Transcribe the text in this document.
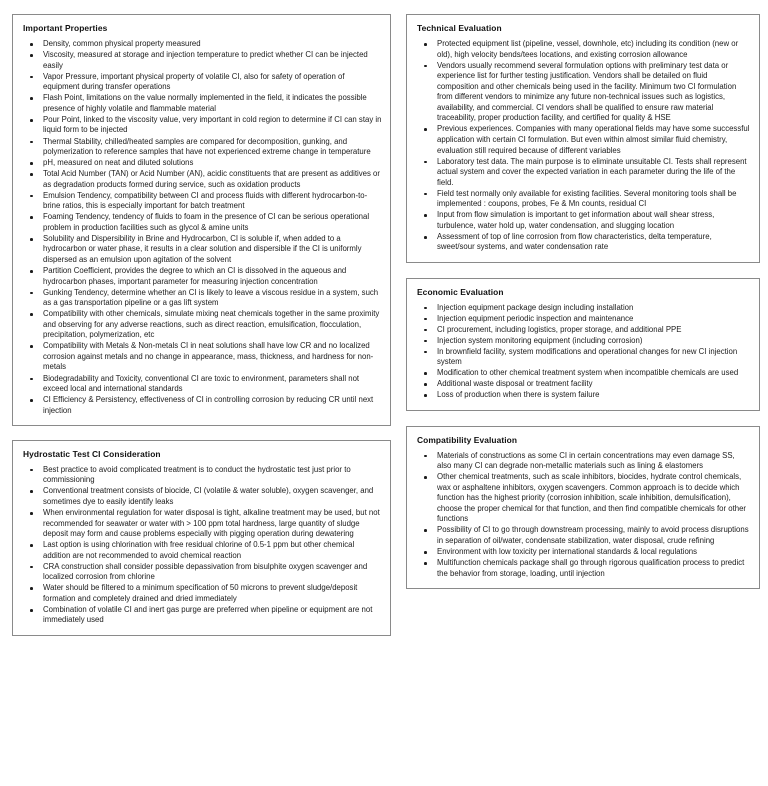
Important Properties
Density, common physical property measured
Viscosity, measured at storage and injection temperature to predict whether CI can be injected easily
Vapor Pressure, important physical property of volatile CI, also for safety of operation of equipment during transfer operations
Flash Point, limitations on the value normally implemented in the field, it indicates the possible presence of highly volatile and flammable material
Pour Point, linked to the viscosity value, very important in cold region to determine if CI can stay in liquid form to be injected
Thermal Stability, chilled/heated samples are compared for decomposition, gunking, and polymerization to reference samples that have not experienced extreme change in temperature
pH, measured on neat and diluted solutions
Total Acid Number (TAN) or Acid Number (AN), acidic constituents that are present as additives or as degradation products formed during service, such as oxidation products
Emulsion Tendency, compatibility between CI and process fluids with different hydrocarbon-to-brine ratios, this is especially important for batch treatment
Foaming Tendency, tendency of fluids to foam in the presence of CI can be serious operational problem in production facilities such as glycol & amine units
Solubility and Dispersibility in Brine and Hydrocarbon, CI is soluble if, when added to a hydrocarbon or water phase, it results in a clear solution and dispersible if the CI is uniformly dispersed as an emulsion upon agitation of the solvent
Partition Coefficient, provides the degree to which an CI is dissolved in the aqueous and hydrocarbon phases, important parameter for measuring injection concentration
Gunking Tendency, determine whether an CI is likely to leave a viscous residue in a system, such as a gas transportation pipeline or a gas lift system
Compatibility with other chemicals, simulate mixing neat chemicals together in the same proximity and observing for any adverse reactions, such as direct reaction, emulsification, flocculation, precipitation, polymerization, etc
Compatibility with Metals & Non-metals CI in neat solutions shall have low CR and no localized corrosion against metals and no change in appearance, mass, thickness, and hardness for non-metals
Biodegradability and Toxicity, conventional CI are toxic to environment, parameters shall not exceed local and international standards
CI Efficiency & Persistency, effectiveness of CI in controlling corrosion by reducing CR until next injection
Hydrostatic Test CI Consideration
Best practice to avoid complicated treatment is to conduct the hydrostatic test just prior to commissioning
Conventional treatment consists of biocide, CI (volatile & water soluble), oxygen scavenger, and sometimes dye to easily identify leaks
When environmental regulation for water disposal is tight, alkaline treatment may be used, but not recommended for seawater or water with > 100 ppm total hardness, large quantity of sludge deposit may form and cause problems especially with pigging operation during dewatering
Last option is using chlorination with free residual chlorine of 0.5-1 ppm but other chemical addition are not recommended to avoid chemical reaction
CRA construction shall consider possible depassivation from bisulphite oxygen scavenger and localized corrosion from chlorine
Water should be filtered to a minimum specification of 50 microns to prevent sludge/deposit formation and completely drained and dried immediately
Combination of volatile CI and inert gas purge are preferred when pipeline or equipment are not immediately used
Technical Evaluation
Protected equipment list (pipeline, vessel, downhole, etc) including its condition (new or old), high velocity bends/tees locations, and existing corrosion allowance
Vendors usually recommend several formulation options with preliminary test data or experience list for further testing justification. Vendors shall be detailed on fluid composition and other chemicals being used in the facility. Minimum two CI formulation from different vendors to minimize any future non-technical issues such as logistics, availability, and commercial. CI vendors shall be qualified to ensure raw material traceability, proper production facility, and certified for quality & HSE
Previous experiences. Companies with many operational fields may have some successful application with certain CI formulation. But even within almost similar fluid chemistry, evaluation still required because of different variables
Laboratory test data. The main purpose is to eliminate unsuitable CI. Tests shall represent actual system and cover the expected variation in each parameter during the life of the field.
Field test normally only available for existing facilities. Several monitoring tools shall be implemented : coupons, probes, Fe & Mn counts, residual CI
Input from flow simulation is important to get information about wall shear stress, turbulence, water hold up, water condensation, and slugging location
Assessment of top of line corrosion from flow characteristics, delta temperature, sweet/sour systems, and water condensation rate
Economic Evaluation
Injection equipment package design including installation
Injection equipment periodic inspection and maintenance
CI procurement, including logistics, proper storage, and additional PPE
Injection system monitoring equipment (including corrosion)
In brownfield facility, system modifications and operational changes for new CI injection system
Modification to other chemical treatment system when incompatible chemicals are used
Additional waste disposal or treatment facility
Loss of production when there is system failure
Compatibility Evaluation
Materials of constructions as some CI in certain concentrations may even damage SS, also many CI can degrade non-metallic materials such as lining & elastomers
Other chemical treatments, such as scale inhibitors, biocides, hydrate control chemicals, wax or asphaltene inhibitors, oxygen scavengers. Common approach is to decide which function has the highest priority (corrosion inhibition, scale inhibition, demulsification), choose the proper chemical for that function, and then find compatible chemicals for other functions
Possibility of CI to go through downstream processing, mainly to avoid process disruptions in separation of oil/water, condensate stabilization, water disposal, crude refining
Environment with low toxicity per international standards & local regulations
Multifunction chemicals package shall go through rigorous qualification process to predict the behavior from storage, loading, until injection
